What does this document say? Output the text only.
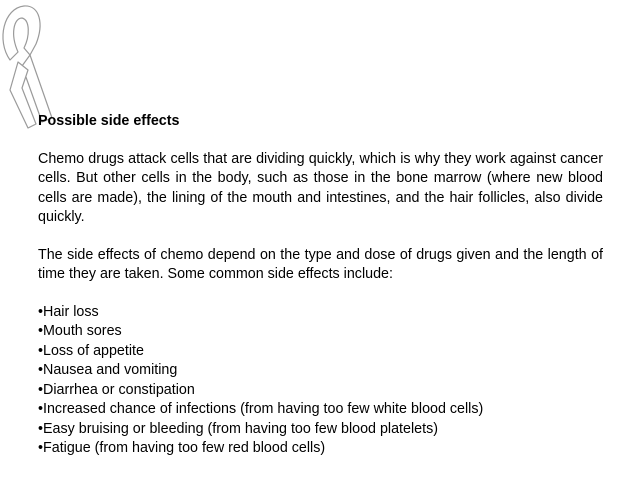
Possible side effects
Chemo drugs attack cells that are dividing quickly, which is why they work against cancer cells. But other cells in the body, such as those in the bone marrow (where new blood cells are made), the lining of the mouth and intestines, and the hair follicles, also divide quickly.
The side effects of chemo depend on the type and dose of drugs given and the length of time they are taken. Some common side effects include:
•Hair loss
•Mouth sores
•Loss of appetite
•Nausea and vomiting
•Diarrhea or constipation
•Increased chance of infections (from having too few white blood cells)
•Easy bruising or bleeding (from having too few blood platelets)
•Fatigue (from having too few red blood cells)
